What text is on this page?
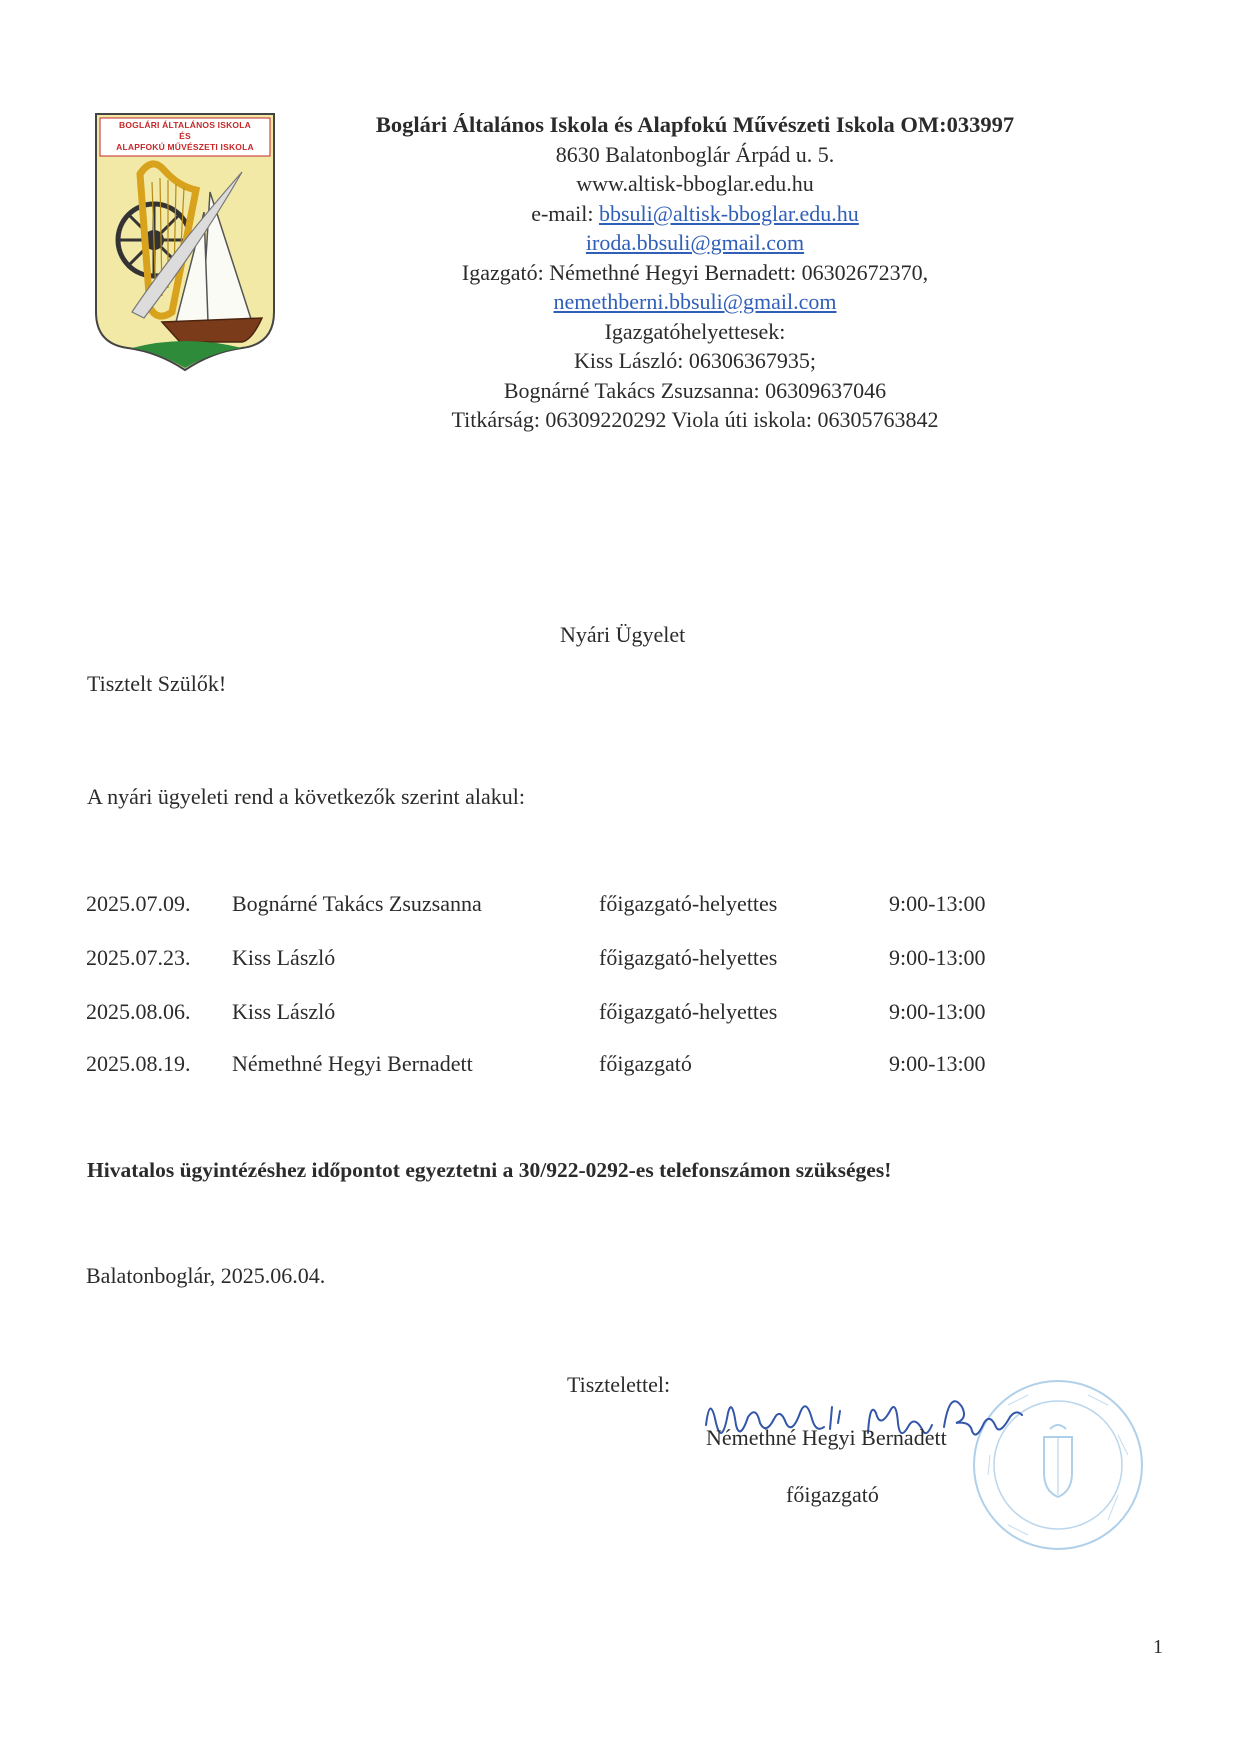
BOGLÁRI ÁLTALÁNOS ISKOLA
ÉS
ALAPFOKÚ MŰVÉSZETI ISKOLA
Boglári Általános Iskola és Alapfokú Művészeti Iskola OM:033997
8630 Balatonboglár Árpád u. 5.
www.altisk-bboglar.edu.hu
e-mail: bbsuli@altisk-bboglar.edu.hu
iroda.bbsuli@gmail.com
Igazgató: Némethné Hegyi Bernadett: 06302672370,
nemethberni.bbsuli@gmail.com
Igazgatóhelyettesek:
Kiss László: 06306367935;
Bognárné Takács Zsuzsanna: 06309637046
Titkárság: 06309220292 Viola úti iskola: 06305763842
Nyári Ügyelet
Tisztelt Szülők!
A nyári ügyeleti rend a következők szerint alakul:
2025.07.09. Bognárné Takács Zsuzsanna	főigazgató-helyettes	9:00-13:00
2025.07.23. Kiss László	főigazgató-helyettes	9:00-13:00
2025.08.06. Kiss László	főigazgató-helyettes	9:00-13:00
2025.08.19. Némethné Hegyi Bernadett	főigazgató	9:00-13:00
Hivatalos ügyintézéshez időpontot egyeztetni a 30/922-0292-es telefonszámon szükséges!
Balatonboglár, 2025.06.04.
Tisztelettel:
Némethné Hegyi Bernadett
főigazgató
1
